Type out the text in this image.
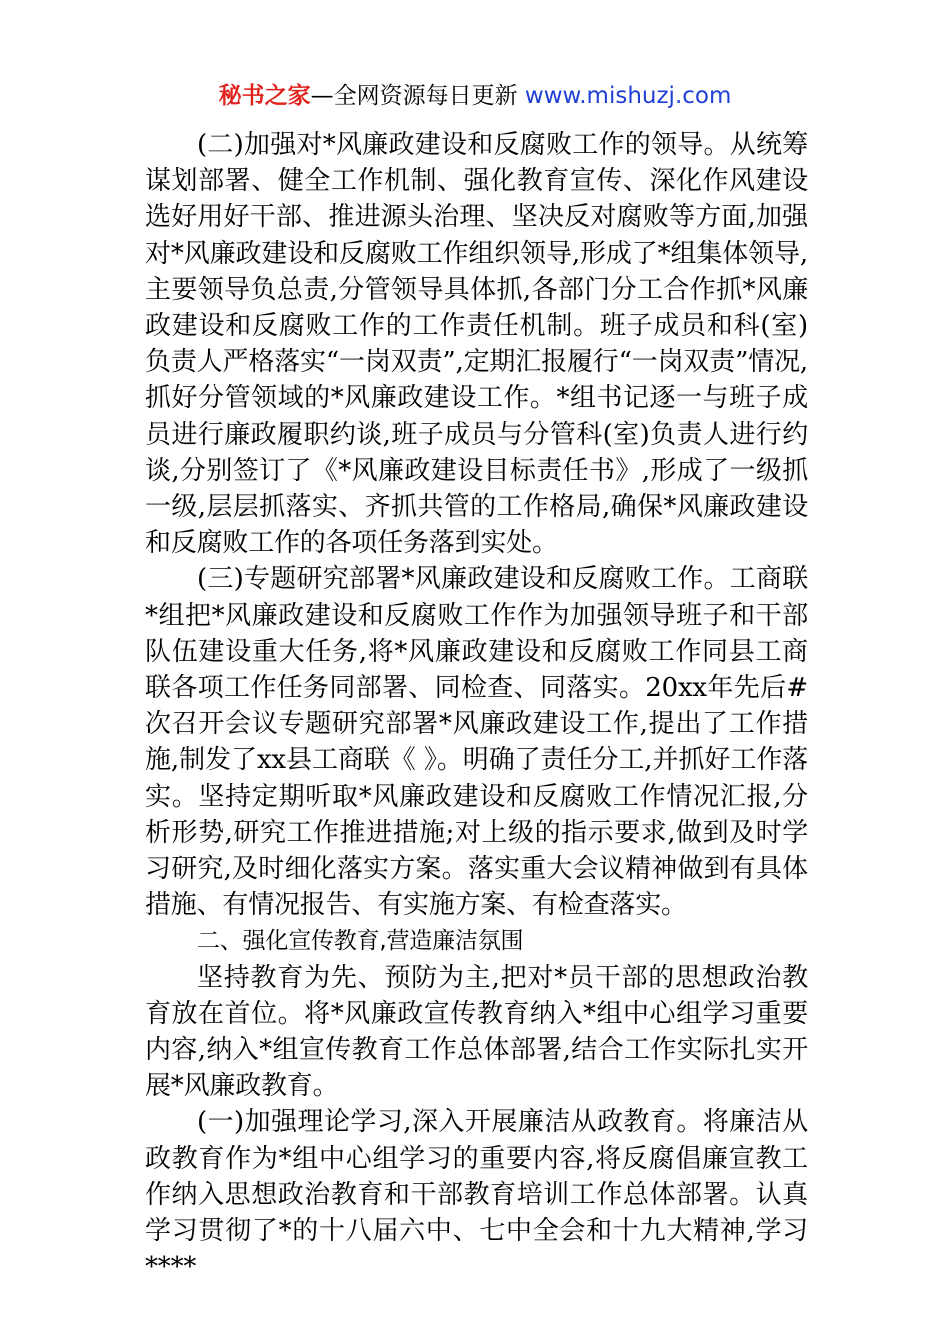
秘书之家—全网资源每日更新 www.mishuzj.com

(二)加强对*风廉政建设和反腐败工作的领导。从统筹谋划部署、健全工作机制、强化教育宣传、深化作风建设选好用好干部、推进源头治理、坚决反对腐败等方面,加强对*风廉政建设和反腐败工作组织领导,形成了*组集体领导,主要领导负总责,分管领导具体抓,各部门分工合作抓*风廉政建设和反腐败工作的工作责任机制。班子成员和科(室)负责人严格落实“一岗双责”,定期汇报履行“一岗双责”情况,抓好分管领域的*风廉政建设工作。*组书记逐一与班子成员进行廉政履职约谈,班子成员与分管科(室)负责人进行约谈,分别签订了《*风廉政建设目标责任书》,形成了一级抓一级,层层抓落实、齐抓共管的工作格局,确保*风廉政建设和反腐败工作的各项任务落到实处。

(三)专题研究部署*风廉政建设和反腐败工作。工商联*组把*风廉政建设和反腐败工作作为加强领导班子和干部队伍建设重大任务,将*风廉政建设和反腐败工作同县工商联各项工作任务同部署、同检查、同落实。20xx年先后#次召开会议专题研究部署*风廉政建设工作,提出了工作措施,制发了xx县工商联《 》。明确了责任分工,并抓好工作落实。坚持定期听取*风廉政建设和反腐败工作情况汇报,分析形势,研究工作推进措施;对上级的指示要求,做到及时学习研究,及时细化落实方案。落实重大会议精神做到有具体措施、有情况报告、有实施方案、有检查落实。

二、强化宣传教育,营造廉洁氛围

坚持教育为先、预防为主,把对*员干部的思想政治教育放在首位。将*风廉政宣传教育纳入*组中心组学习重要内容,纳入*组宣传教育工作总体部署,结合工作实际扎实开展*风廉政教育。

(一)加强理论学习,深入开展廉洁从政教育。将廉洁从政教育作为*组中心组学习的重要内容,将反腐倡廉宣教工作纳入思想政治教育和干部教育培训工作总体部署。认真学习贯彻了*的十八届六中、七中全会和十九大精神,学习****
